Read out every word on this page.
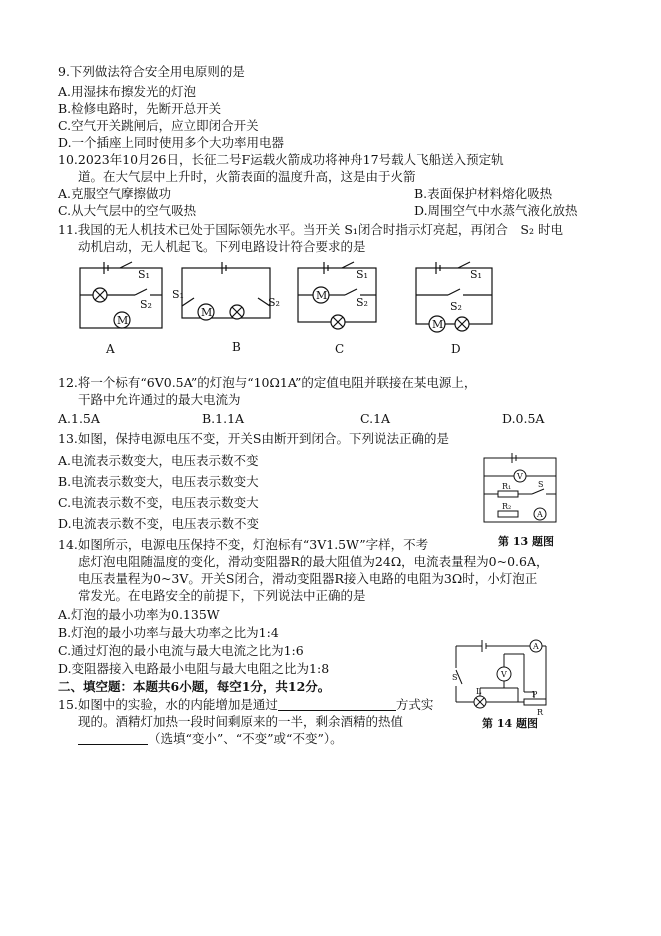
9.下列做法符合安全用电原则的是
A.用湿抹布擦发光的灯泡
B.检修电路时，先断开总开关
C.空气开关跳闸后，应立即闭合开关
D.一个插座上同时使用多个大功率用电器
10.2023年10月26日，长征二号F运载火箭成功将神舟17号载人飞船送入预定轨
道。在大气层中上升时，火箭表面的温度升高，这是由于火箭
A.克服空气摩擦做功	B.表面保护材料熔化吸热
C.从大气层中的空气吸热	D.周围空气中水蒸气液化放热
11.我国的无人机技术已处于国际领先水平。当开关 S₁闭合时指示灯亮起，再闭合　S₂ 时电
动机启动，无人机起飞。下列电路设计符合要求的是
S₁
S₂
M
S₁
S₂
M
S₁
S₂
M
S₁
S₂
M
A	B	C	D
12.将一个标有“6V0.5A”的灯泡与“10Ω1A”的定值电阻并联接在某电源上，
干路中允许通过的最大电流为
A.1.5A	B.1.1A	C.1A	D.0.5A
13.如图，保持电源电压不变，开关S由断开到闭合。下列说法正确的是
A.电流表示数变大，电压表示数不变
B.电流表示数变大，电压表示数变大
C.电流表示数不变，电压表示数变大
D.电流表示数不变，电压表示数不变
V
R₁	S
R₂
A
第 13 题图
14.如图所示，电源电压保持不变，灯泡标有“3V1.5W”字样，不考
虑灯泡电阻随温度的变化，滑动变阻器R的最大阻值为24Ω，电流表量程为0~0.6A，
电压表量程为0~3V。开关S闭合，滑动变阻器R接入电路的电阻为3Ω时，小灯泡正
常发光。在电路安全的前提下，下列说法中正确的是
A.灯泡的最小功率为0.135W
B.灯泡的最小功率与最大功率之比为1:4
C.通过灯泡的最小电流与最大电流之比为1:6
D.变阻器接入电路最小电阻与最大电阻之比为1:8
A
V
S
L	P
R
第 14 题图
二、填空题：本题共6小题，每空1分，共12分。
15.如图中的实验，水的内能增加是通过	方式实
现的。酒精灯加热一段时间剩原来的一半，剩余酒精的热值
（选填“变小”、“不变”或“不变”）。
